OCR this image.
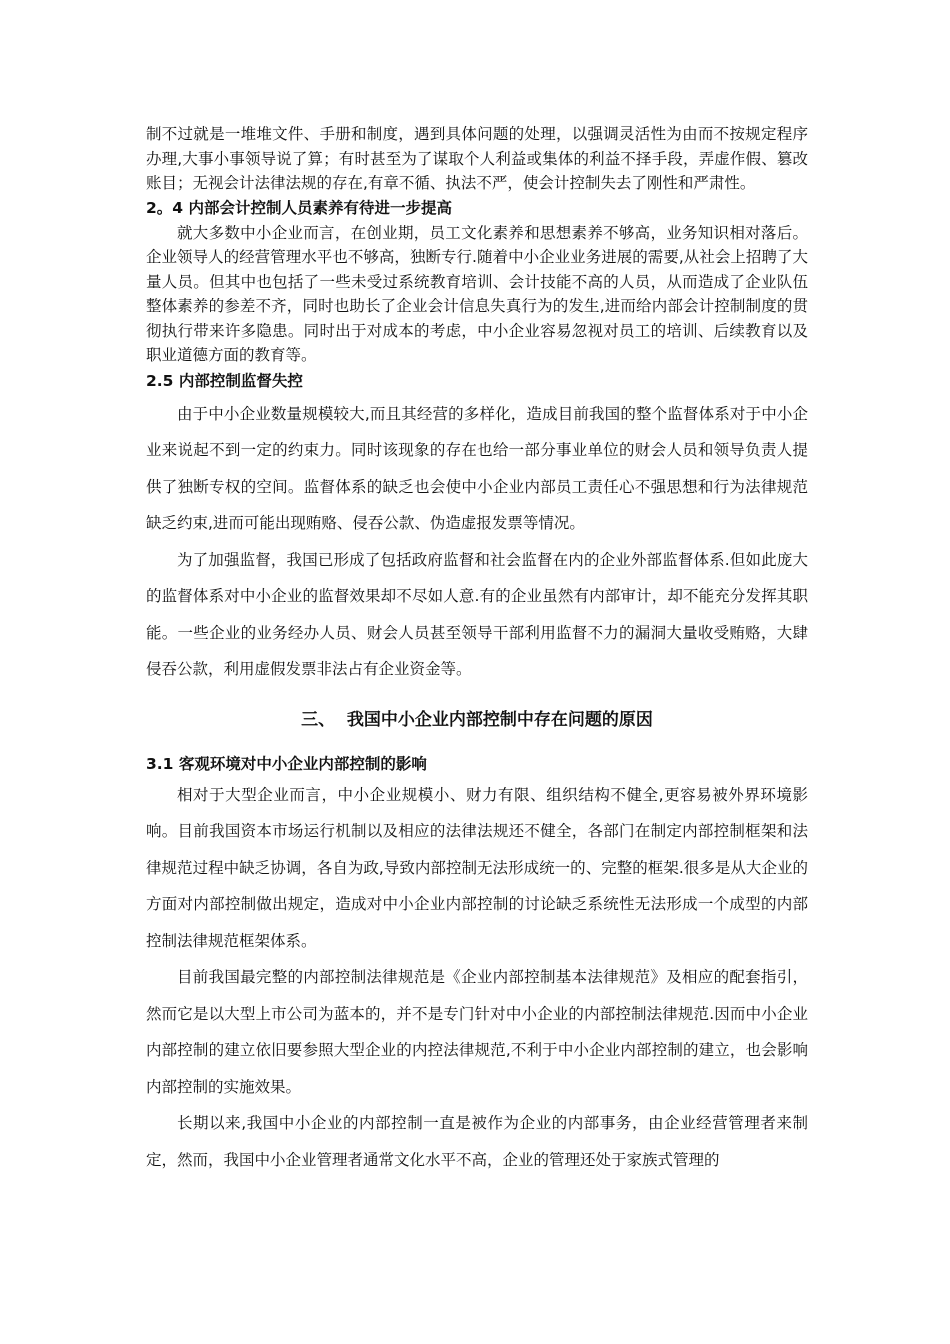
制不过就是一堆堆文件、手册和制度，遇到具体问题的处理，以强调灵活性为由而不按规定程序办理,大事小事领导说了算；有时甚至为了谋取个人利益或集体的利益不择手段，弄虚作假、篡改账目；无视会计法律法规的存在,有章不循、执法不严，使会计控制失去了刚性和严肃性。

2。4 内部会计控制人员素养有待进一步提高

就大多数中小企业而言，在创业期，员工文化素养和思想素养不够高，业务知识相对落后。企业领导人的经营管理水平也不够高，独断专行.随着中小企业业务进展的需要,从社会上招聘了大量人员。但其中也包括了一些未受过系统教育培训、会计技能不高的人员，从而造成了企业队伍整体素养的参差不齐，同时也助长了企业会计信息失真行为的发生,进而给内部会计控制制度的贯彻执行带来许多隐患。同时出于对成本的考虑，中小企业容易忽视对员工的培训、后续教育以及职业道德方面的教育等。

2.5 内部控制监督失控

由于中小企业数量规模较大,而且其经营的多样化，造成目前我国的整个监督体系对于中小企业来说起不到一定的约束力。同时该现象的存在也给一部分事业单位的财会人员和领导负责人提供了独断专权的空间。监督体系的缺乏也会使中小企业内部员工责任心不强思想和行为法律规范缺乏约束,进而可能出现贿赂、侵吞公款、伪造虚报发票等情况。

为了加强监督，我国已形成了包括政府监督和社会监督在内的企业外部监督体系.但如此庞大的监督体系对中小企业的监督效果却不尽如人意.有的企业虽然有内部审计，却不能充分发挥其职能。一些企业的业务经办人员、财会人员甚至领导干部利用监督不力的漏洞大量收受贿赂，大肆侵吞公款，利用虚假发票非法占有企业资金等。

三、  我国中小企业内部控制中存在问题的原因
3.1 客观环境对中小企业内部控制的影响

相对于大型企业而言，中小企业规模小、财力有限、组织结构不健全,更容易被外界环境影响。目前我国资本市场运行机制以及相应的法律法规还不健全，各部门在制定内部控制框架和法律规范过程中缺乏协调，各自为政,导致内部控制无法形成统一的、完整的框架.很多是从大企业的方面对内部控制做出规定，造成对中小企业内部控制的讨论缺乏系统性无法形成一个成型的内部控制法律规范框架体系。

目前我国最完整的内部控制法律规范是《企业内部控制基本法律规范》及相应的配套指引，然而它是以大型上市公司为蓝本的，并不是专门针对中小企业的内部控制法律规范.因而中小企业内部控制的建立依旧要参照大型企业的内控法律规范,不利于中小企业内部控制的建立，也会影响内部控制的实施效果。

长期以来,我国中小企业的内部控制一直是被作为企业的内部事务，由企业经营管理者来制定，然而，我国中小企业管理者通常文化水平不高，企业的管理还处于家族式管理的
